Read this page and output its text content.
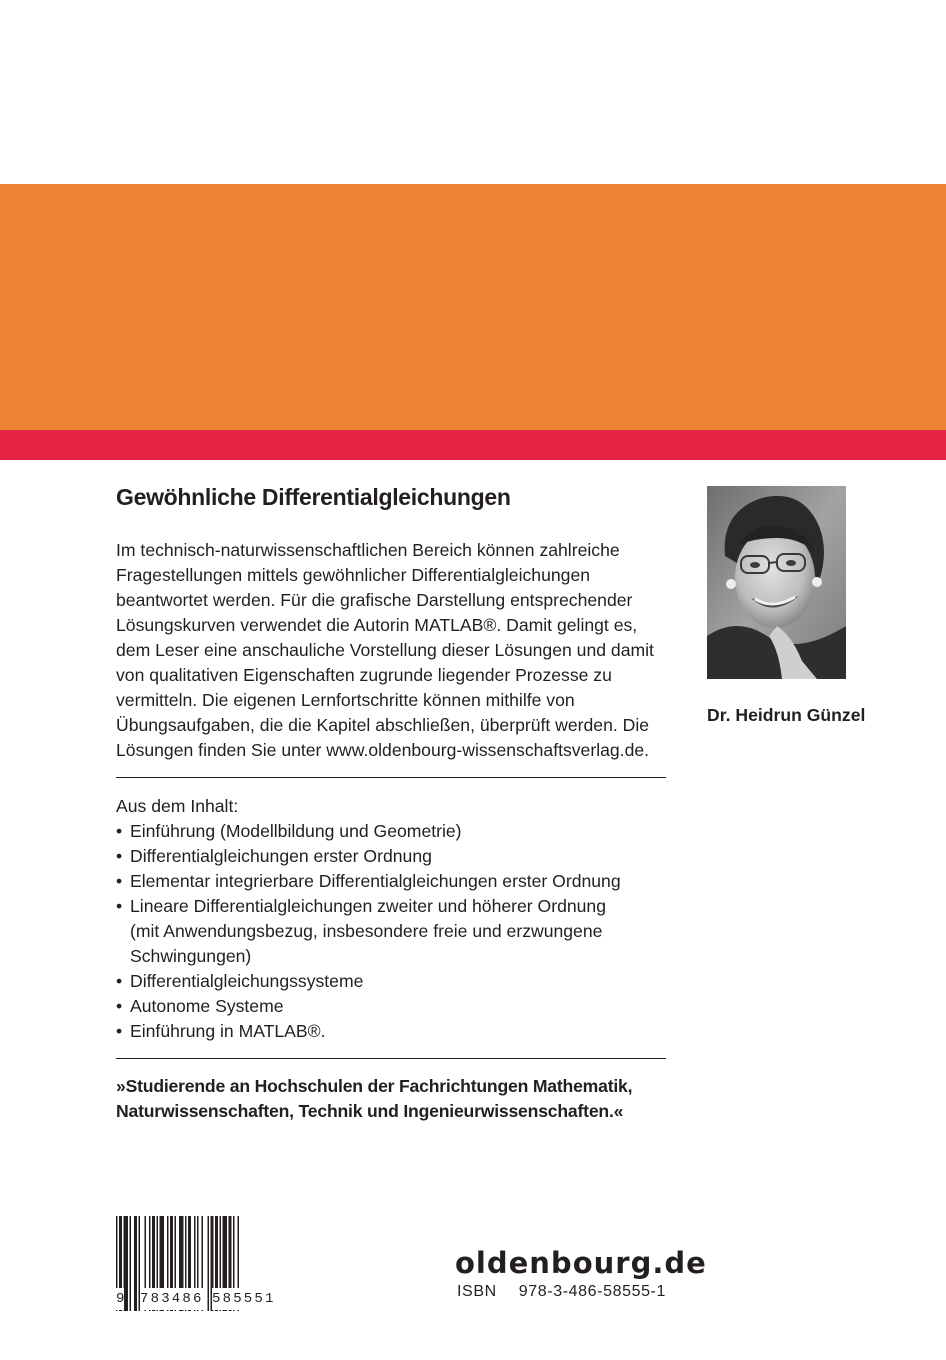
Gewöhnliche Differentialgleichungen
Im technisch-naturwissenschaftlichen Bereich können zahlreiche
Fragestellungen mittels gewöhnlicher Differentialgleichungen
beantwortet werden. Für die grafische Darstellung entsprechender
Lösungskurven verwendet die Autorin MATLAB®. Damit gelingt es,
dem Leser eine anschauliche Vorstellung dieser Lösungen und damit
von qualitativen Eigenschaften zugrunde liegender Prozesse zu
vermitteln. Die eigenen Lernfortschritte können mithilfe von
Übungsaufgaben, die die Kapitel abschließen, überprüft werden. Die
Lösungen finden Sie unter www.oldenbourg-wissenschaftsverlag.de.
Aus dem Inhalt:
• Einführung (Modellbildung und Geometrie)
• Differentialgleichungen erster Ordnung
• Elementar integrierbare Differentialgleichungen erster Ordnung
• Lineare Differentialgleichungen zweiter und höherer Ordnung
(mit Anwendungsbezug, insbesondere freie und erzwungene
Schwingungen)
• Differentialgleichungssysteme
• Autonome Systeme
• Einführung in MATLAB®.
»Studierende an Hochschulen der Fachrichtungen Mathematik,
Naturwissenschaften, Technik und Ingenieurwissenschaften.«
Dr. Heidrun Günzel
9 783486 585551
oldenbourg.de
ISBN 978-3-486-58555-1
